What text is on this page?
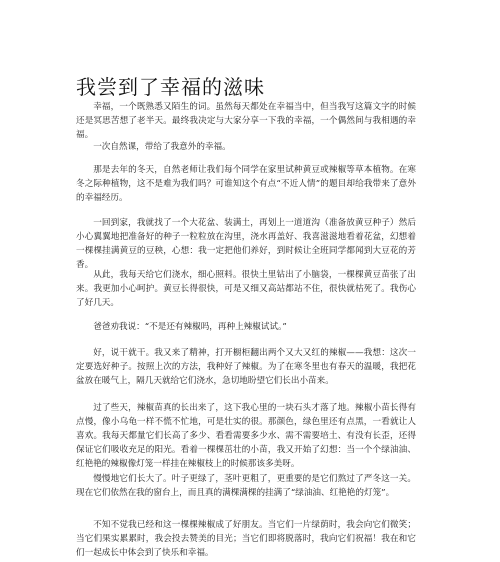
我尝到了幸福的滋味

幸福，一个既熟悉又陌生的词。虽然每天都处在幸福当中，但当我写这篇文字的时候还是冥思苦想了老半天。最终我决定与大家分享一下我的幸福，一个偶然间与我相遇的幸福。

一次自然课，带给了我意外的幸福。

那是去年的冬天，自然老师让我们每个同学在家里试种黄豆或辣椒等草本植物。在寒冬之际种植物，这不是难为我们吗？可谁知这个有点“不近人情”的题目却给我带来了意外的幸福经历。

一回到家，我就找了一个大花盆、装满土，再划上一道道沟（准备放黄豆种子）然后小心翼翼地把准备好的种子一粒粒放在沟里，浇水再盖好、我喜滋滋地看着花盆，幻想着一棵棵挂满黄豆的豆秧，心想：我一定把他们养好，到时候让全班同学都闻到大豆花的芳香。

从此，我每天给它们浇水，细心照料。很快土里钻出了小脑袋，一棵棵黄豆苗张了出来。我更加小心呵护。黄豆长得很快，可是又细又高站都站不住，很快就枯死了。我伤心了好几天。

爸爸劝我说：“不是还有辣椒吗，再种上辣椒试试。”

好，说干就干。我又来了精神，打开橱柜翻出两个又大又红的辣椒——我想：这次一定要选好种子。按照上次的方法，我种好了辣椒。为了在寒冬里也有春天的温暖，我把花盆放在暖气上，隔几天就给它们浇水，急切地盼望它们长出小苗来。

过了些天，辣椒苗真的长出来了，这下我心里的一块石头才落了地。辣椒小苗长得有点慢，像小乌龟一样不慌不忙地，可是壮实的很。那颜色，绿色里还有点黑，一看就让人喜欢。我每天都量它们长高了多少、看看需要多少水、需不需要培土、有没有长歪，还得保证它们吸收充足的阳光。看着一棵棵茁壮的小苗，我又开始了幻想：当一个个绿油油、红艳艳的辣椒像灯笼一样挂在辣椒枝上的时候那该多美呀。

慢慢地它们长大了。叶子更绿了，茎叶更粗了，更重要的是它们熬过了严冬这一关。现在它们依然在我的窗台上，而且真的满棵满棵的挂满了“绿油油、红艳艳的灯笼”。

不知不觉我已经和这一棵棵辣椒成了好朋友。当它们一片绿荫时，我会向它们微笑；当它们果实累累时，我会投去赞美的目光；当它们即将脱落时，我向它们祝福！我在和它们一起成长中体会到了快乐和幸福。
